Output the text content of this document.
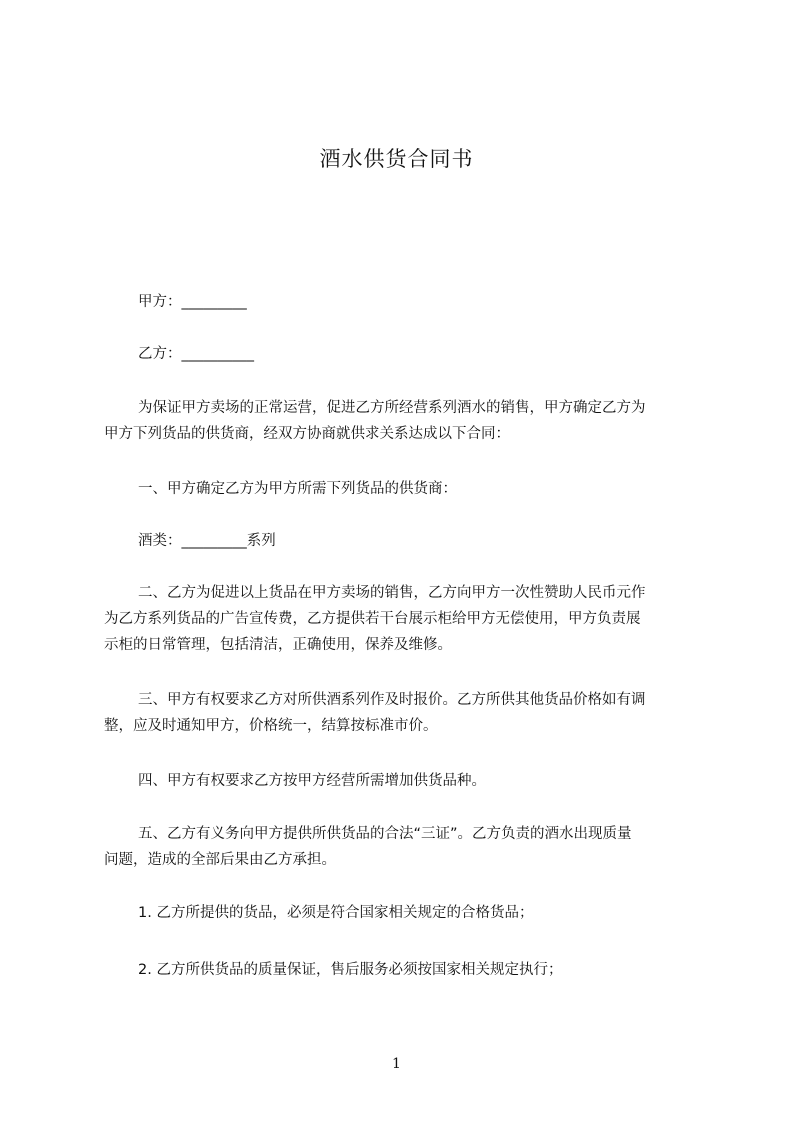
酒水供货合同书
甲方：_________
乙方：__________
为保证甲方卖场的正常运营，促进乙方所经营系列酒水的销售，甲方确定乙方为
甲方下列货品的供货商，经双方协商就供求关系达成以下合同：
一、甲方确定乙方为甲方所需下列货品的供货商：
酒类：_________系列
二、乙方为促进以上货品在甲方卖场的销售，乙方向甲方一次性赞助人民币元作
为乙方系列货品的广告宣传费，乙方提供若干台展示柜给甲方无偿使用，甲方负责展
示柜的日常管理，包括清洁，正确使用，保养及维修。
三、甲方有权要求乙方对所供酒系列作及时报价。乙方所供其他货品价格如有调
整，应及时通知甲方，价格统一，结算按标准市价。
四、甲方有权要求乙方按甲方经营所需增加供货品种。
五、乙方有义务向甲方提供所供货品的合法“三证”。乙方负责的酒水出现质量
问题，造成的全部后果由乙方承担。
1. 乙方所提供的货品，必须是符合国家相关规定的合格货品；
2. 乙方所供货品的质量保证，售后服务必须按国家相关规定执行；
1
